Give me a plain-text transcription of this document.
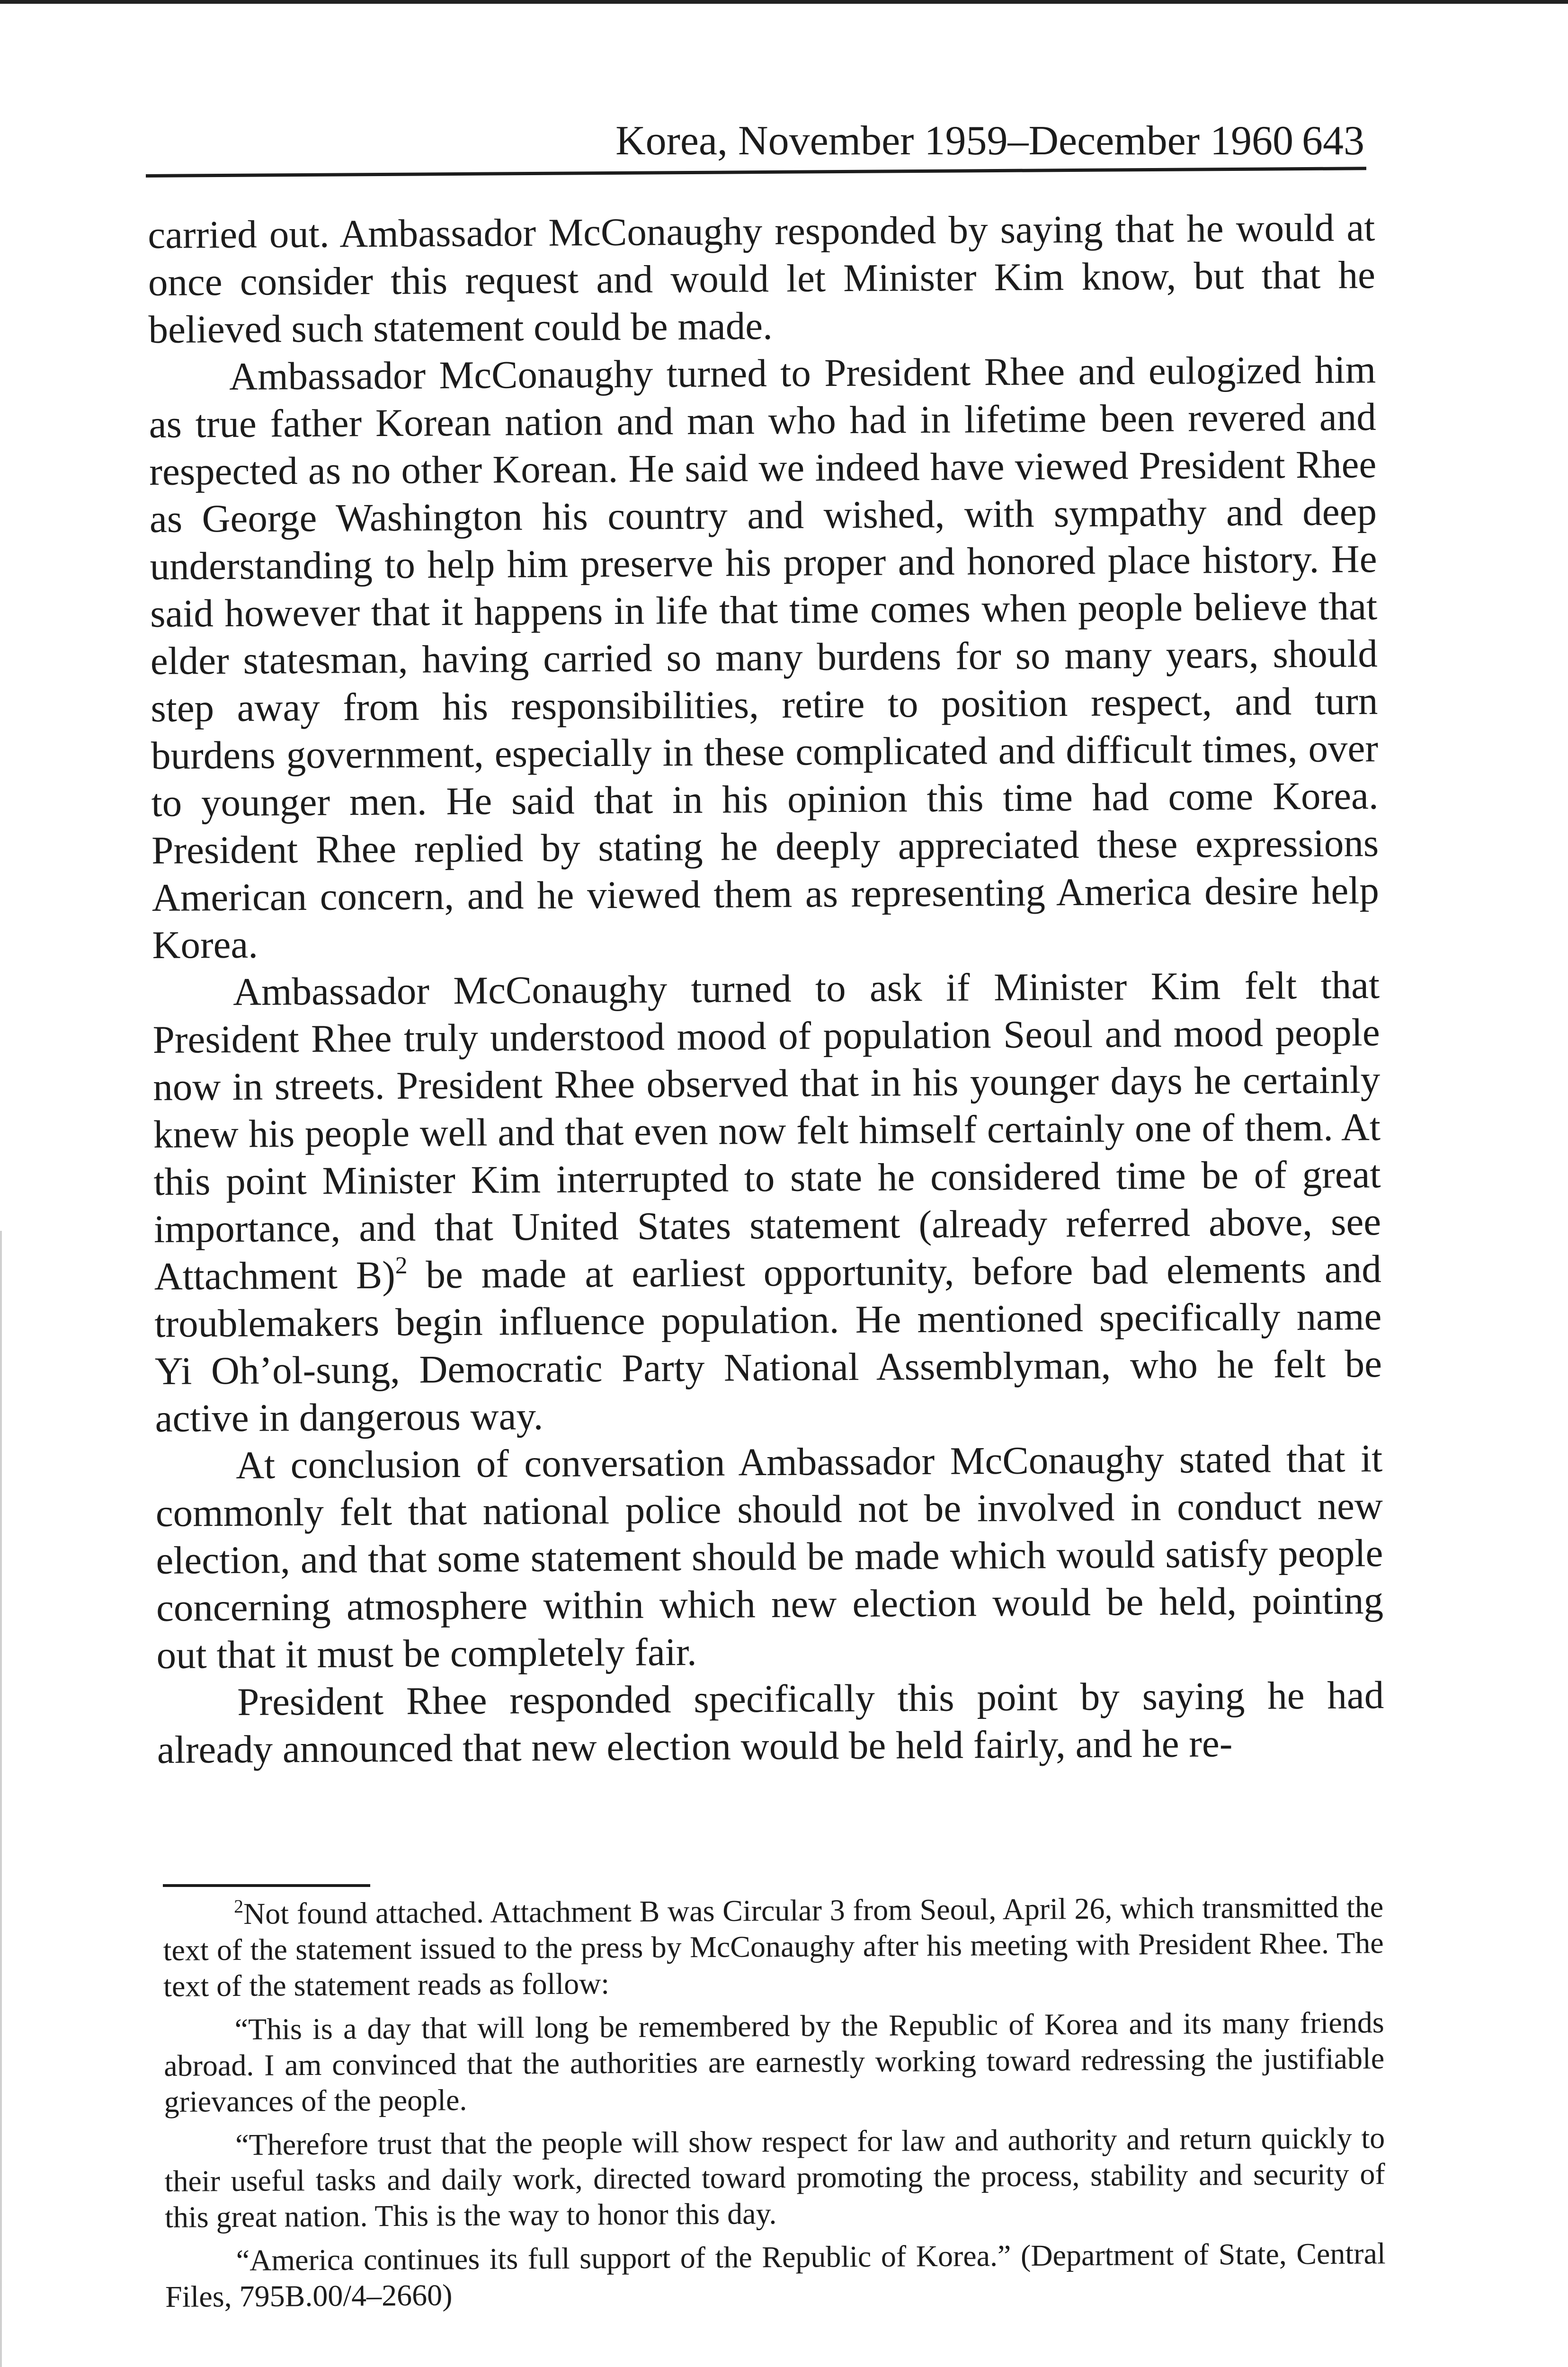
Korea, November 1959–December 1960 643

carried out. Ambassador McConaughy responded by saying that he would at once consider this request and would let Minister Kim know, but that he believed such statement could be made.

Ambassador McConaughy turned to President Rhee and eulogized him as true father Korean nation and man who had in lifetime been revered and respected as no other Korean. He said we indeed have viewed President Rhee as George Washington his country and wished, with sympathy and deep understanding to help him preserve his proper and honored place history. He said however that it happens in life that time comes when people believe that elder statesman, having carried so many burdens for so many years, should step away from his responsibilities, retire to position respect, and turn burdens government, especially in these complicated and difficult times, over to younger men. He said that in his opinion this time had come Korea. President Rhee replied by stating he deeply appreciated these expressions American concern, and he viewed them as representing America desire help Korea.

Ambassador McConaughy turned to ask if Minister Kim felt that President Rhee truly understood mood of population Seoul and mood people now in streets. President Rhee observed that in his younger days he certainly knew his people well and that even now felt himself certainly one of them. At this point Minister Kim interrupted to state he considered time be of great importance, and that United States statement (already referred above, see Attachment B)$^2$ be made at earliest opportunity, before bad elements and troublemakers begin influence population. He mentioned specifically name Yi Oh’ol-sung, Democratic Party National Assemblyman, who he felt be active in dangerous way.

At conclusion of conversation Ambassador McConaughy stated that it commonly felt that national police should not be involved in conduct new election, and that some statement should be made which would satisfy people concerning atmosphere within which new election would be held, pointing out that it must be completely fair.

President Rhee responded specifically this point by saying he had already announced that new election would be held fairly, and he re-

$^2$Not found attached. Attachment B was Circular 3 from Seoul, April 26, which transmitted the text of the statement issued to the press by McConaughy after his meeting with President Rhee. The text of the statement reads as follow:

“This is a day that will long be remembered by the Republic of Korea and its many friends abroad. I am convinced that the authorities are earnestly working toward redressing the justifiable grievances of the people.

“Therefore trust that the people will show respect for law and authority and return quickly to their useful tasks and daily work, directed toward promoting the process, stability and security of this great nation. This is the way to honor this day.

“America continues its full support of the Republic of Korea.” (Department of State, Central Files, 795B.00/4–2660)
